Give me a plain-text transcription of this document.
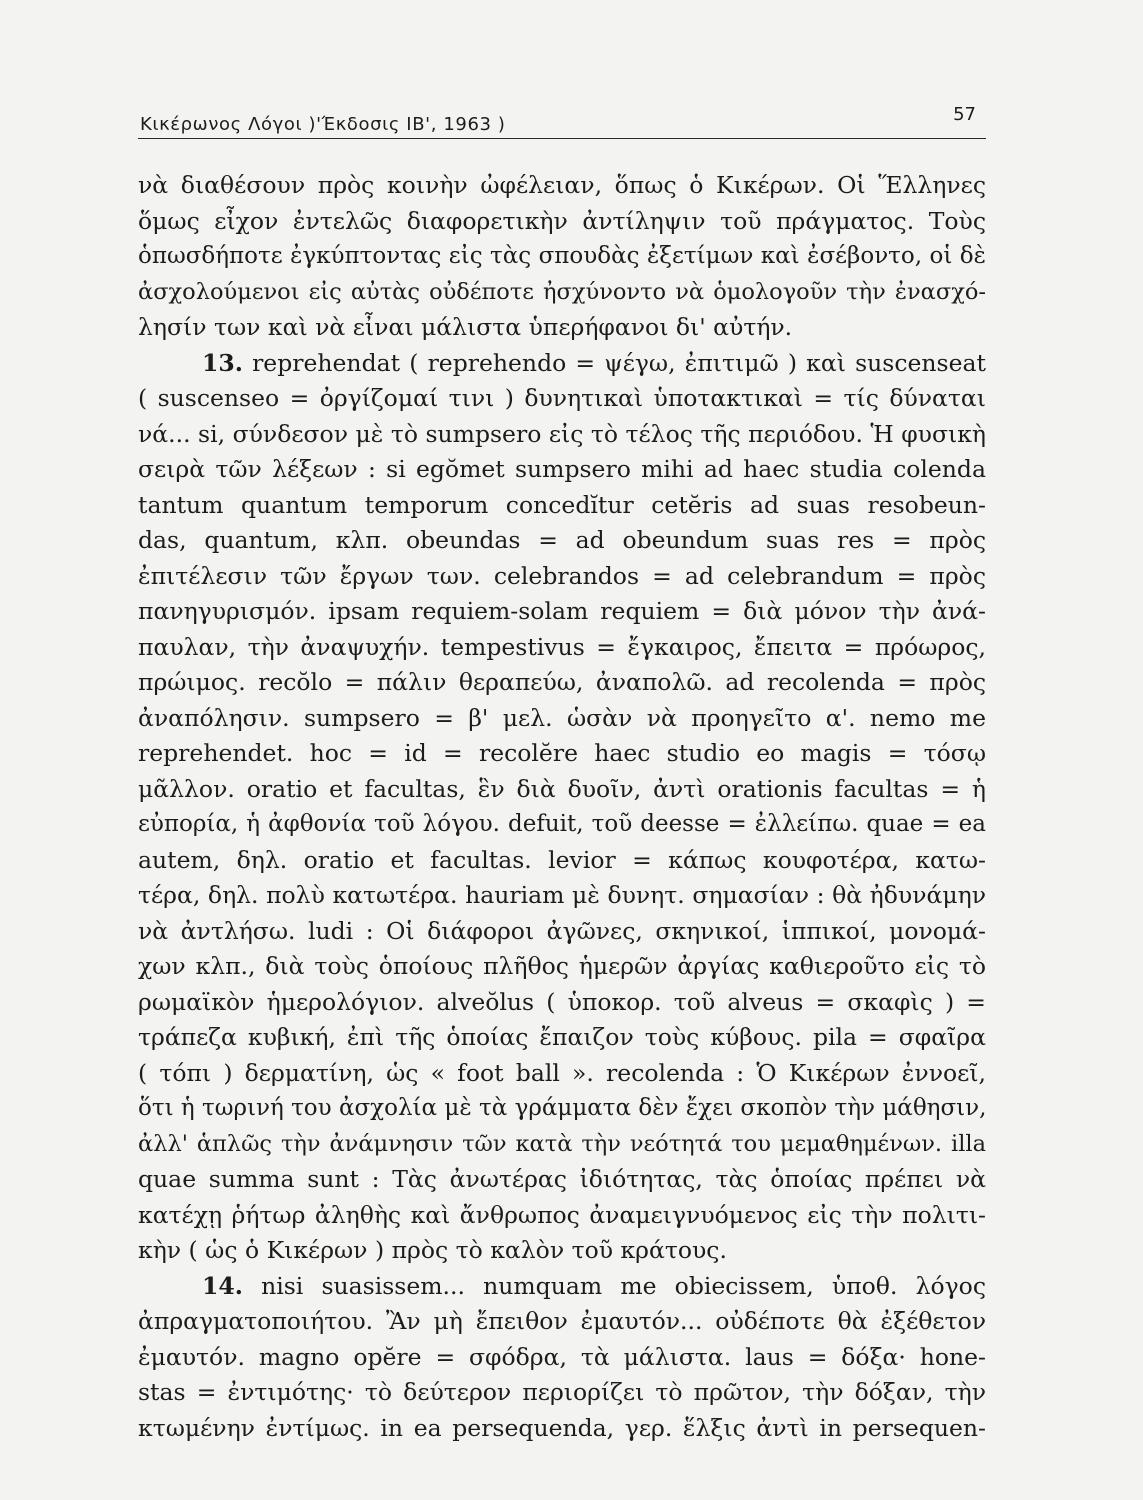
Κικέρωνος Λόγοι )'Έκδοσις ΙΒ', 1963 )	57
νὰ διαθέσουν πρὸς κοινὴν ὠφέλειαν, ὅπως ὁ Κικέρων. Οἱ Ἕλληνες
ὅμως εἶχον ἐντελῶς διαφορετικὴν ἀντίληψιν τοῦ πράγματος. Τοὺς
ὁπωσδήποτε ἐγκύπτοντας εἰς τὰς σπουδὰς ἐξετίμων καὶ ἐσέβοντο, οἱ δὲ
ἀσχολούμενοι εἰς αὐτὰς οὐδέποτε ἠσχύνοντο νὰ ὁμολογοῦν τὴν ἐνασχό-
λησίν των καὶ νὰ εἶναι μάλιστα ὑπερήφανοι δι' αὐτήν.
13. reprehendat ( reprehendo = ψέγω, ἐπιτιμῶ ) καὶ suscenseat
( suscenseo = ὀργίζομαί τινι ) δυνητικαὶ ὑποτακτικαὶ = τίς δύναται
νά... si, σύνδεσον μὲ τὸ sumpsero εἰς τὸ τέλος τῆς περιόδου. Ἡ φυσικὴ
σειρὰ τῶν λέξεων : si egŏmet sumpsero mihi ad haec studia colenda
tantum quantum temporum concedĭtur cetĕris ad suas resobeun-
das, quantum, κλπ. obeundas = ad obeundum suas res = πρὸς
ἐπιτέλεσιν τῶν ἔργων των. celebrandos = ad celebrandum = πρὸς
πανηγυρισμόν. ipsam requiem-solam requiem = διὰ μόνον τὴν ἀνά-
παυλαν, τὴν ἀναψυχήν. tempestivus = ἔγκαιρος, ἔπειτα = πρόωρος,
πρώιμος. recŏlo = πάλιν θεραπεύω, ἀναπολῶ. ad recolenda = πρὸς
ἀναπόλησιν. sumpsero = β' μελ. ὡσὰν νὰ προηγεῖτο α'. nemo me
reprehendet. hoc = id = recolĕre haec studio eo magis = τόσῳ
μᾶλλον. oratio et facultas, ἓν διὰ δυοῖν, ἀντὶ orationis facultas = ἡ
εὐπορία, ἡ ἀφθονία τοῦ λόγου. defuit, τοῦ deesse = ἐλλείπω. quae = ea
autem, δηλ. oratio et facultas. levior = κάπως κουφοτέρα, κατω-
τέρα, δηλ. πολὺ κατωτέρα. hauriam μὲ δυνητ. σημασίαν : θὰ ἠδυνάμην
νὰ ἀντλήσω. ludi : Οἱ διάφοροι ἀγῶνες, σκηνικοί, ἱππικοί, μονομά-
χων κλπ., διὰ τοὺς ὁποίους πλῆθος ἡμερῶν ἀργίας καθιεροῦτο εἰς τὸ
ρωμαϊκὸν ἡμερολόγιον. alveŏlus ( ὑποκορ. τοῦ alveus = σκαφὶς ) =
τράπεζα κυβική, ἐπὶ τῆς ὁποίας ἔπαιζον τοὺς κύβους. pila = σφαῖρα
( τόπι ) δερματίνη, ὡς « foot ball ». recolenda : Ὁ Κικέρων ἐννοεῖ,
ὅτι ἡ τωρινή του ἀσχολία μὲ τὰ γράμματα δὲν ἔχει σκοπὸν τὴν μάθησιν,
ἀλλ' ἁπλῶς τὴν ἀνάμνησιν τῶν κατὰ τὴν νεότητά του μεμαθημένων. illa
quae summa sunt : Τὰς ἀνωτέρας ἰδιότητας, τὰς ὁποίας πρέπει νὰ
κατέχῃ ῥήτωρ ἀληθὴς καὶ ἄνθρωπος ἀναμειγνυόμενος εἰς τὴν πολιτι-
κὴν ( ὡς ὁ Κικέρων ) πρὸς τὸ καλὸν τοῦ κράτους.
14. nisi suasissem... numquam me obiecissem, ὑποθ. λόγος
ἀπραγματοποιήτου. Ἂν μὴ ἔπειθον ἐμαυτόν... οὐδέποτε θὰ ἐξέθετον
ἐμαυτόν. magno opĕre = σφόδρα, τὰ μάλιστα. laus = δόξα· hone-
stas = ἐντιμότης· τὸ δεύτερον περιορίζει τὸ πρῶτον, τὴν δόξαν, τὴν
κτωμένην ἐντίμως. in ea persequenda, γερ. ἕλξις ἀντὶ in persequen-
